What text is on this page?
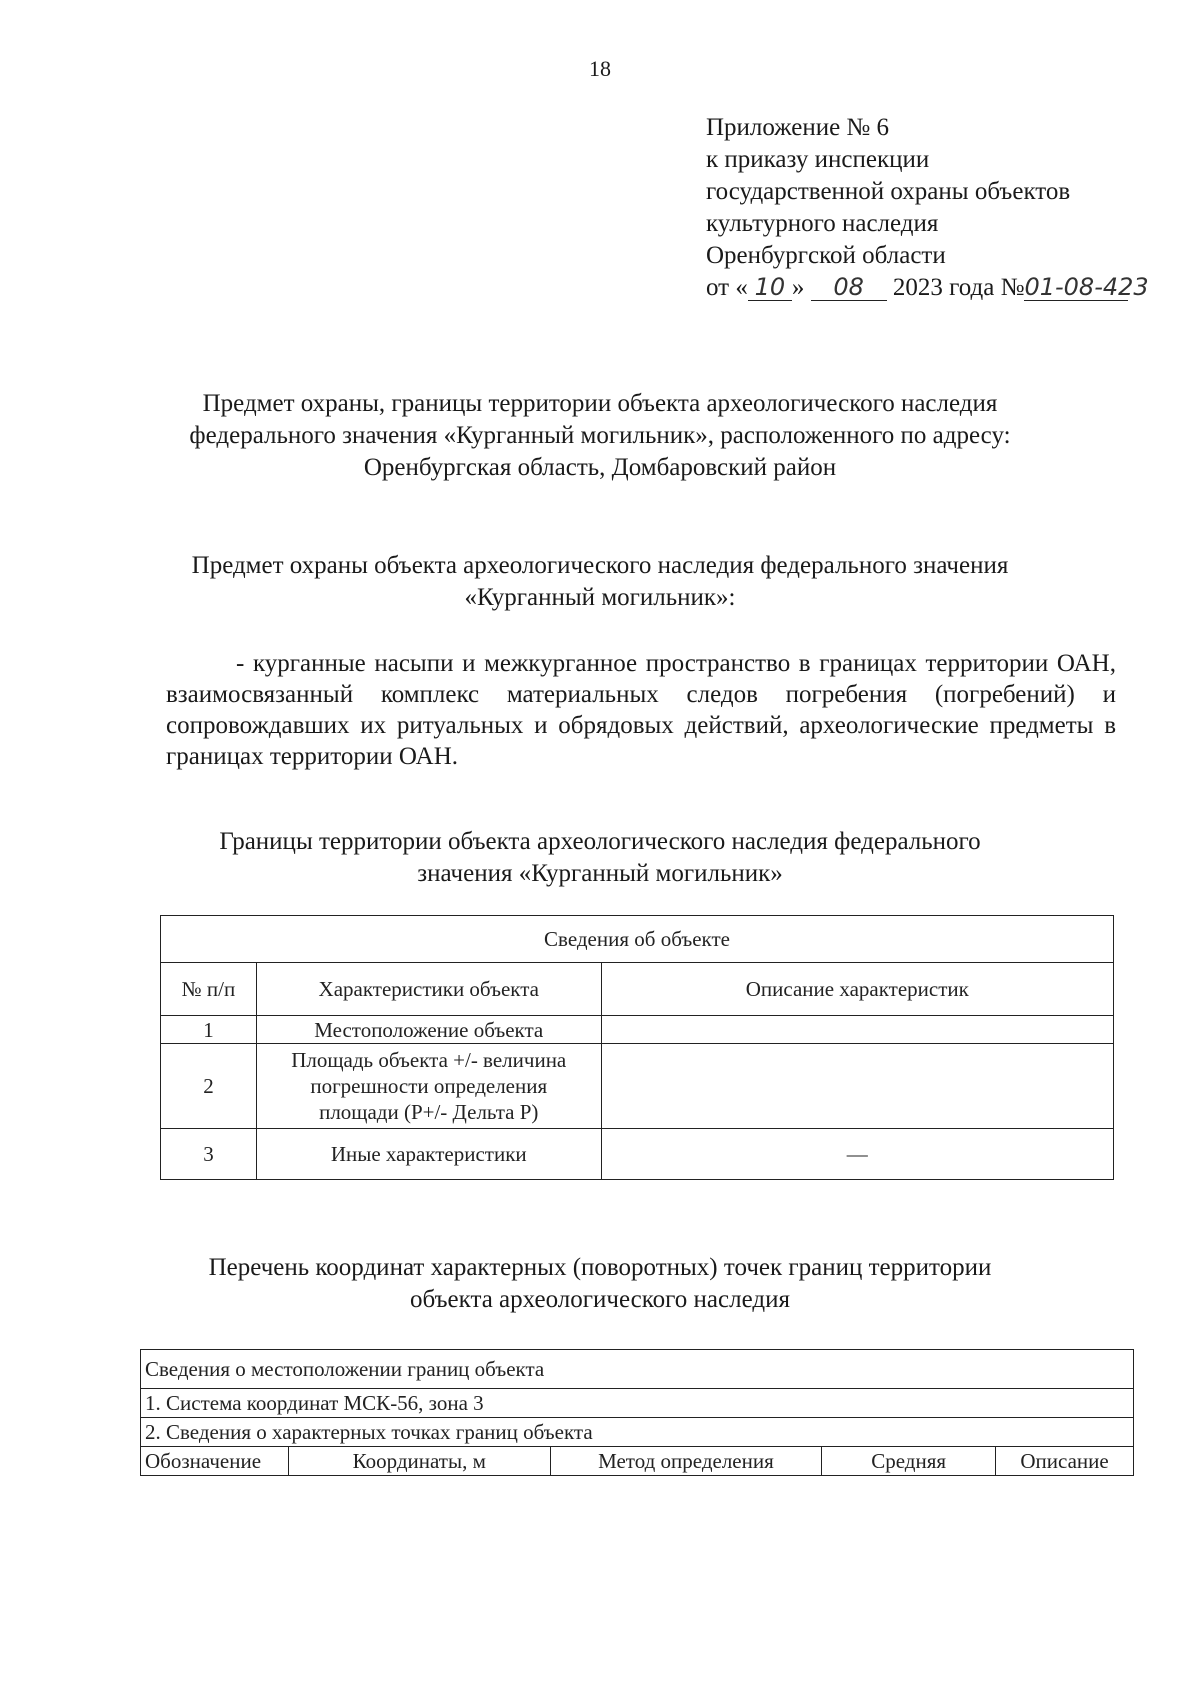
18
Приложение № 6
к приказу инспекции
государственной охраны объектов
культурного наследия
Оренбургской области
от « 10 » 08 2023 года №01-08-423
Предмет охраны, границы территории объекта археологического наследия
федерального значения «Курганный могильник», расположенного по адресу:
Оренбургская область, Домбаровский район
Предмет охраны объекта археологического наследия федерального значения
«Курганный могильник»:
- курганные насыпи и межкурганное пространство в границах территории ОАН, взаимосвязанный комплекс материальных следов погребения (погребений) и сопровождавших их ритуальных и обрядовых действий, археологические предметы в границах территории ОАН.
Границы территории объекта археологического наследия федерального
значения «Курганный могильник»
Сведения об объекте		
№ п/п	Характеристики объекта	Описание характеристик
1	Местоположение объекта	
2	Площадь объекта +/- величина
погрешности определения
площади (Р+/- Дельта Р)	

3	Иные характеристики	—
Перечень координат характерных (поворотных) точек границ территории
объекта археологического наследия
Сведения о местоположении границ объекта
1. Система координат МСК-56, зона 3
2. Сведения о характерных точках границ объекта
Обозначение	Координаты, м	Метод определения	Средняя	Описание
